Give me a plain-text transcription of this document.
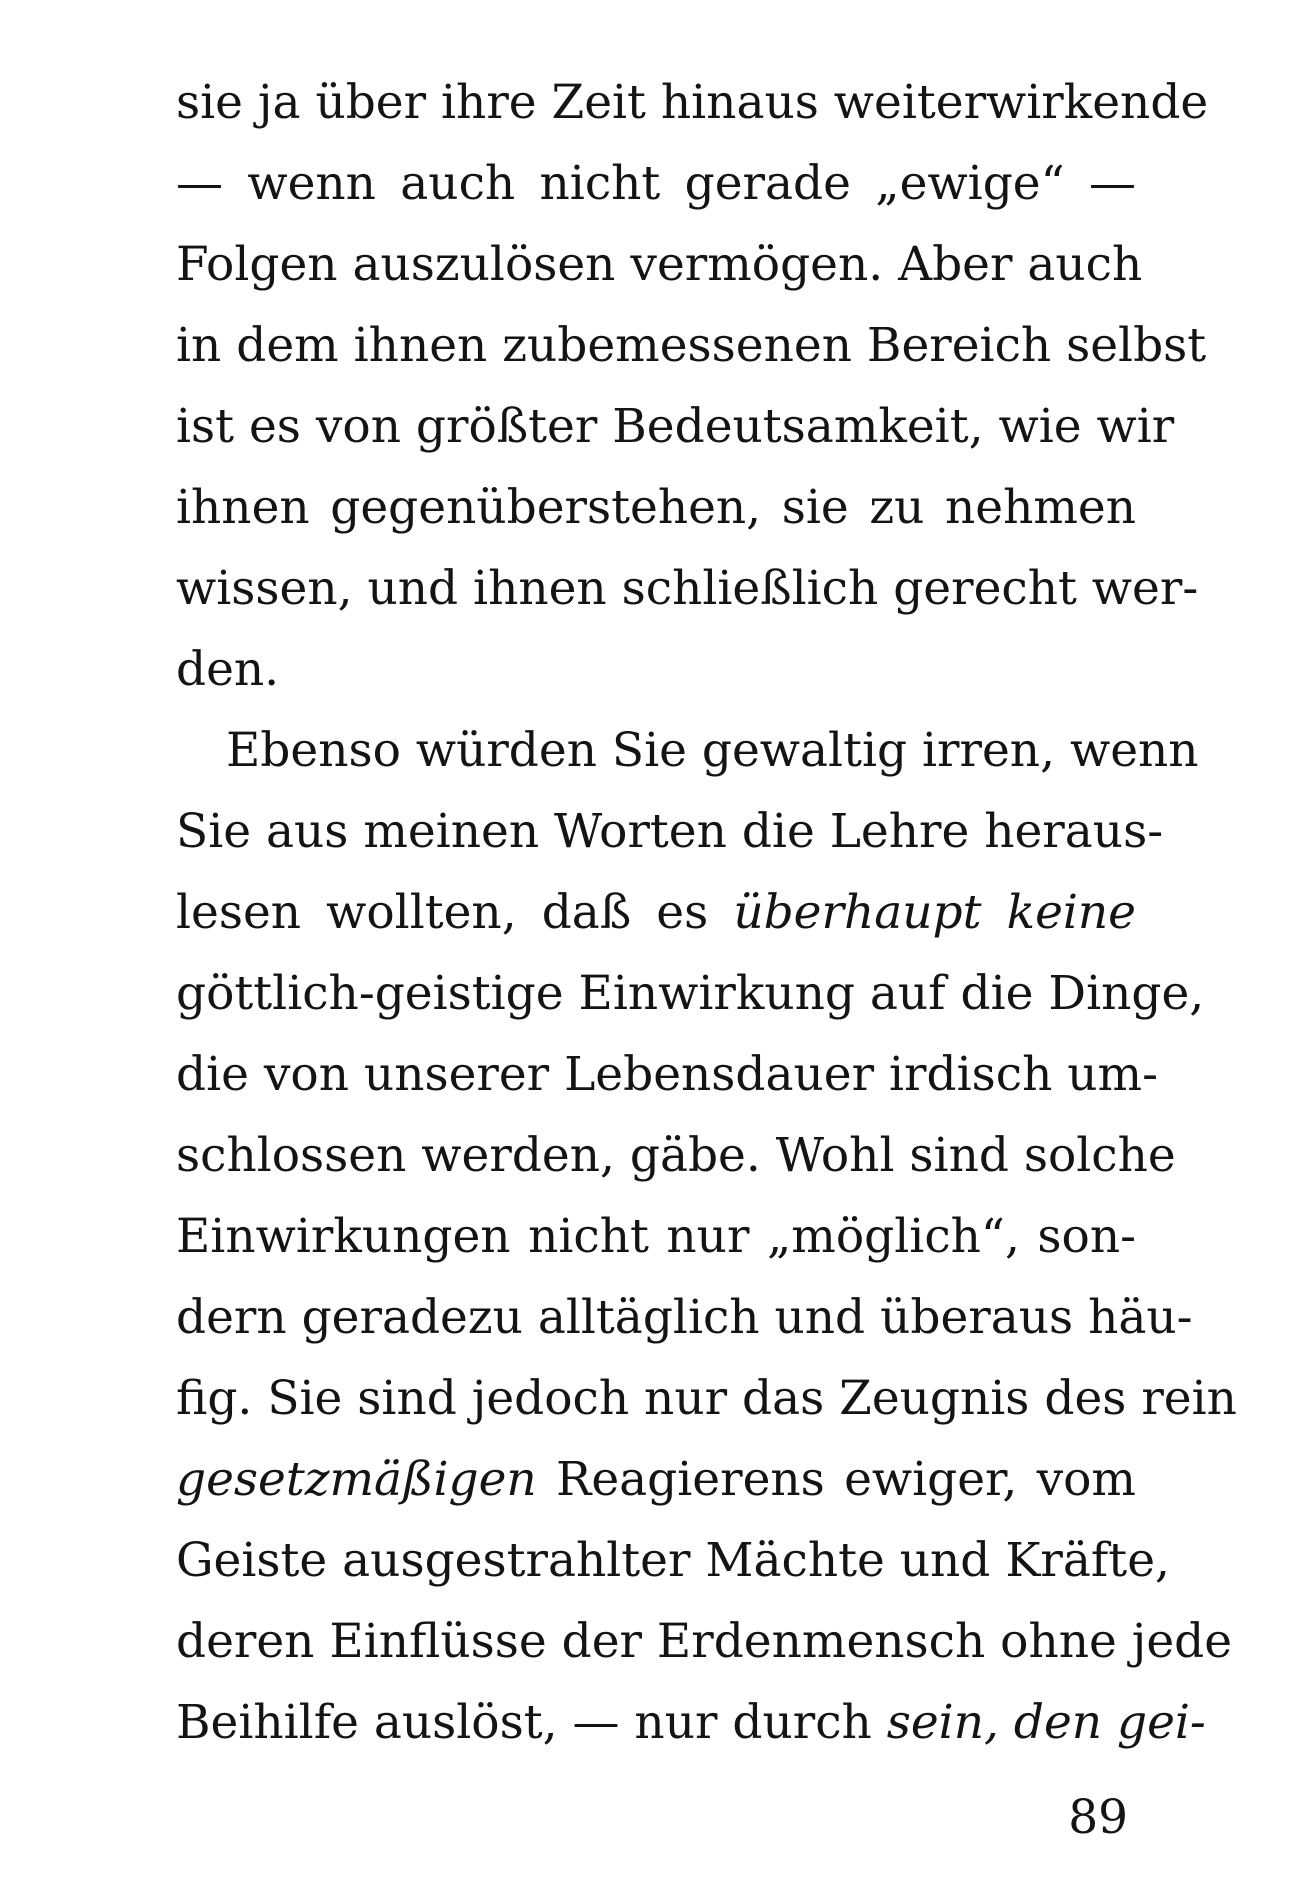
sie ja über ihre Zeit hinaus weiterwirkende
— wenn auch nicht gerade „ewige“ —
Folgen auszulösen vermögen. Aber auch
in dem ihnen zubemessenen Bereich selbst
ist es von größter Bedeutsamkeit, wie wir
ihnen gegenüberstehen, sie zu nehmen
wissen, und ihnen schließlich gerecht wer-
den.
Ebenso würden Sie gewaltig irren, wenn
Sie aus meinen Worten die Lehre heraus-
lesen wollten, daß es überhaupt keine
göttlich-geistige Einwirkung auf die Dinge,
die von unserer Lebensdauer irdisch um-
schlossen werden, gäbe. Wohl sind solche
Einwirkungen nicht nur „möglich“, son-
dern geradezu alltäglich und überaus häu-
fig. Sie sind jedoch nur das Zeugnis des rein
gesetzmäßigen Reagierens ewiger, vom
Geiste ausgestrahlter Mächte und Kräfte,
deren Einflüsse der Erdenmensch ohne jede
Beihilfe auslöst, — nur durch sein, den gei-
89
